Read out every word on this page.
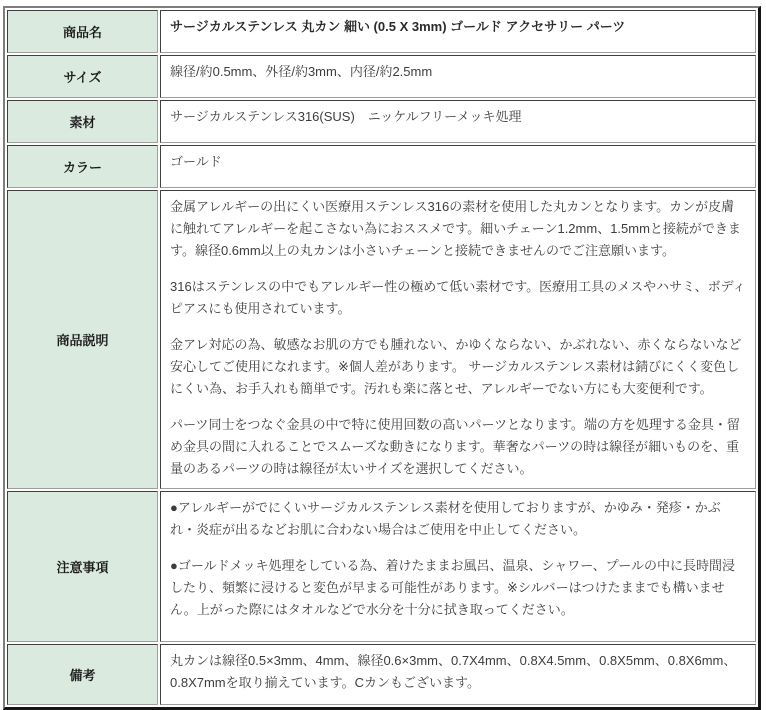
商品名	サージカルステンレス 丸カン 細い (0.5 X 3mm) ゴールド アクセサリー パーツ

サイズ	線径/約0.5mm、外径/約3mm、内径/約2.5mm

素材	サージカルステンレス316(SUS)　ニッケルフリーメッキ処理

カラー	ゴールド

商品説明	金属アレルギーの出にくい医療用ステンレス316の素材を使用した丸カンとなります。カンが皮膚に触れてアレルギーを起こさない為におススメです。細いチェーン1.2mm、1.5mmと接続ができます。線径0.6mm以上の丸カンは小さいチェーンと接続できませんのでご注意願います。

316はステンレスの中でもアレルギー性の極めて低い素材です。医療用工具のメスやハサミ、ボディピアスにも使用されています。

金アレ対応の為、敏感なお肌の方でも腫れない、かゆくならない、かぶれない、赤くならないなど安心してご使用になれます。※個人差があります。 サージカルステンレス素材は錆びにくく変色しにくい為、お手入れも簡単です。汚れも楽に落とせ、アレルギーでない方にも大変便利です。

パーツ同士をつなぐ金具の中で特に使用回数の高いパーツとなります。端の方を処理する金具・留め金具の間に入れることでスムーズな動きになります。華奢なパーツの時は線径が細いものを、重量のあるパーツの時は線径が太いサイズを選択してください。

注意事項	●アレルギーがでにくいサージカルステンレス素材を使用しておりますが、かゆみ・発疹・かぶれ・炎症が出るなどお肌に合わない場合はご使用を中止してください。

●ゴールドメッキ処理をしている為、着けたままお風呂、温泉、シャワー、プールの中に長時間浸したり、頻繁に浸けると変色が早まる可能性があります。※シルバーはつけたままでも構いません。上がった際にはタオルなどで水分を十分に拭き取ってください。

備考	丸カンは線径0.5×3mm、4mm、線径0.6×3mm、0.7X4mm、0.8X4.5mm、0.8X5mm、0.8X6mm、0.8X7mmを取り揃えています。Cカンもございます。
